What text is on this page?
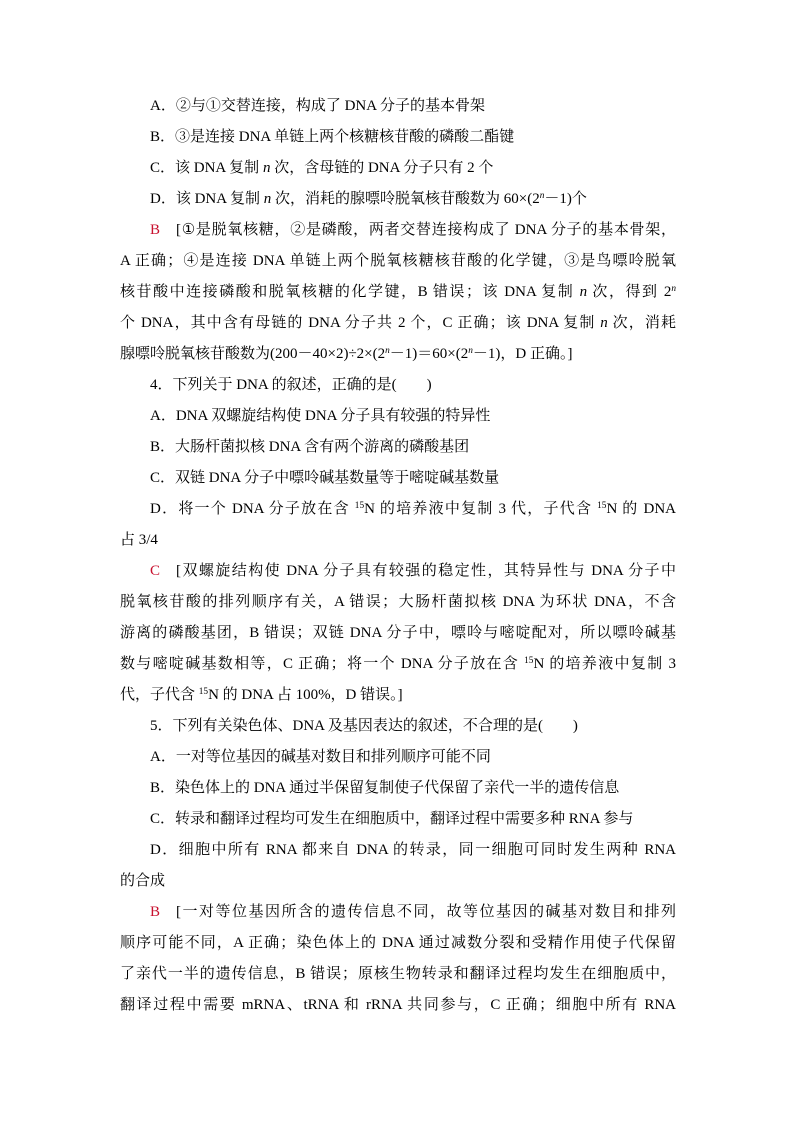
A．②与①交替连接，构成了 DNA 分子的基本骨架
B．③是连接 DNA 单链上两个核糖核苷酸的磷酸二酯键
C．该 DNA 复制 n 次，含母链的 DNA 分子只有 2 个
D．该 DNA 复制 n 次，消耗的腺嘌呤脱氧核苷酸数为 $60\times(2^n-1)$个
B [①是脱氧核糖，②是磷酸，两者交替连接构成了 DNA 分子的基本骨架，
A 正确；④是连接 DNA 单链上两个脱氧核糖核苷酸的化学键，③是鸟嘌呤脱氧
核苷酸中连接磷酸和脱氧核糖的化学键，B 错误；该 DNA 复制 n 次，得到 2$^n$
个 DNA，其中含有母链的 DNA 分子共 2 个，C 正确；该 DNA 复制 n 次，消耗
腺嘌呤脱氧核苷酸数为$(200-40\times 2)\div 2\times(2^n-1)=60\times(2^n-1)$，D 正确。]
4．下列关于 DNA 的叙述，正确的是(　　)
A．DNA 双螺旋结构使 DNA 分子具有较强的特异性
B．大肠杆菌拟核 DNA 含有两个游离的磷酸基团
C．双链 DNA 分子中嘌呤碱基数量等于嘧啶碱基数量
D．将一个 DNA 分子放在含 $^{15}$N 的培养液中复制 3 代，子代含 $^{15}$N 的 DNA
占 3/4
C [双螺旋结构使 DNA 分子具有较强的稳定性，其特异性与 DNA 分子中
脱氧核苷酸的排列顺序有关，A 错误；大肠杆菌拟核 DNA 为环状 DNA，不含
游离的磷酸基团，B 错误；双链 DNA 分子中，嘌呤与嘧啶配对，所以嘌呤碱基
数与嘧啶碱基数相等，C 正确；将一个 DNA 分子放在含 $^{15}$N 的培养液中复制 3
代，子代含 $^{15}$N 的 DNA 占 100%，D 错误。]
5．下列有关染色体、DNA 及基因表达的叙述，不合理的是(　　)
A．一对等位基因的碱基对数目和排列顺序可能不同
B．染色体上的 DNA 通过半保留复制使子代保留了亲代一半的遗传信息
C．转录和翻译过程均可发生在细胞质中，翻译过程中需要多种 RNA 参与
D．细胞中所有 RNA 都来自 DNA 的转录，同一细胞可同时发生两种 RNA
的合成
B [一对等位基因所含的遗传信息不同，故等位基因的碱基对数目和排列
顺序可能不同，A 正确；染色体上的 DNA 通过减数分裂和受精作用使子代保留
了亲代一半的遗传信息，B 错误；原核生物转录和翻译过程均发生在细胞质中，
翻译过程中需要 mRNA、tRNA 和 rRNA 共同参与，C 正确；细胞中所有 RNA
